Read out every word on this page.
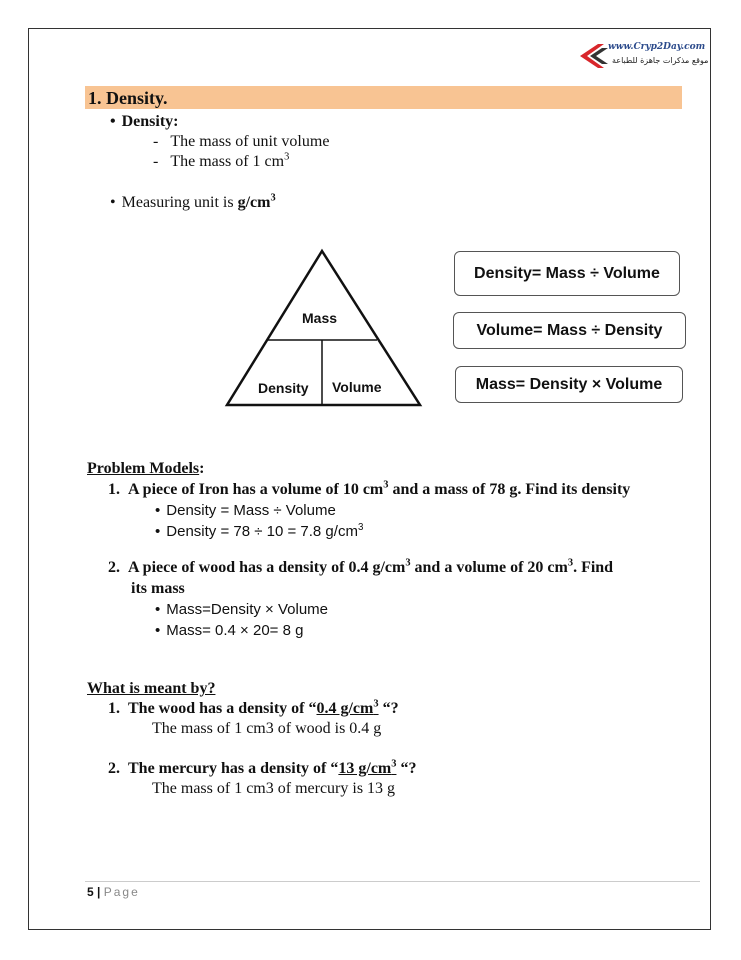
www.Cryp2Day.com
موقع مذكرات جاهزة للطباعة
1. Density.
• Density:
-   The mass of unit volume
-   The mass of 1 $cm^3$
• Measuring unit is $g/cm^3$
Mass
Density Volume
Density= Mass ÷ Volume
Volume= Mass ÷ Density
Mass= Density × Volume
Problem Models:
1. A piece of Iron has a volume of 10 $cm^3$ and a mass of 78 g. Find its density
• Density = Mass ÷ Volume
• Density = 78 ÷ 10 = 7.8 $g/cm^3$
2. A piece of wood has a density of 0.4 $g/cm^3$ and a volume of 20 $cm^3$. Find
its mass
• Mass=Density × Volume
• Mass= 0.4 × 20= 8 g
What is meant by?
1. The wood has a density of “0.4 $g/cm^3$ “?
The mass of 1 cm3 of wood is 0.4 g
2. The mercury has a density of “13 $g/cm^3$ “?
The mass of 1 cm3 of mercury is 13 g
5 | Page
